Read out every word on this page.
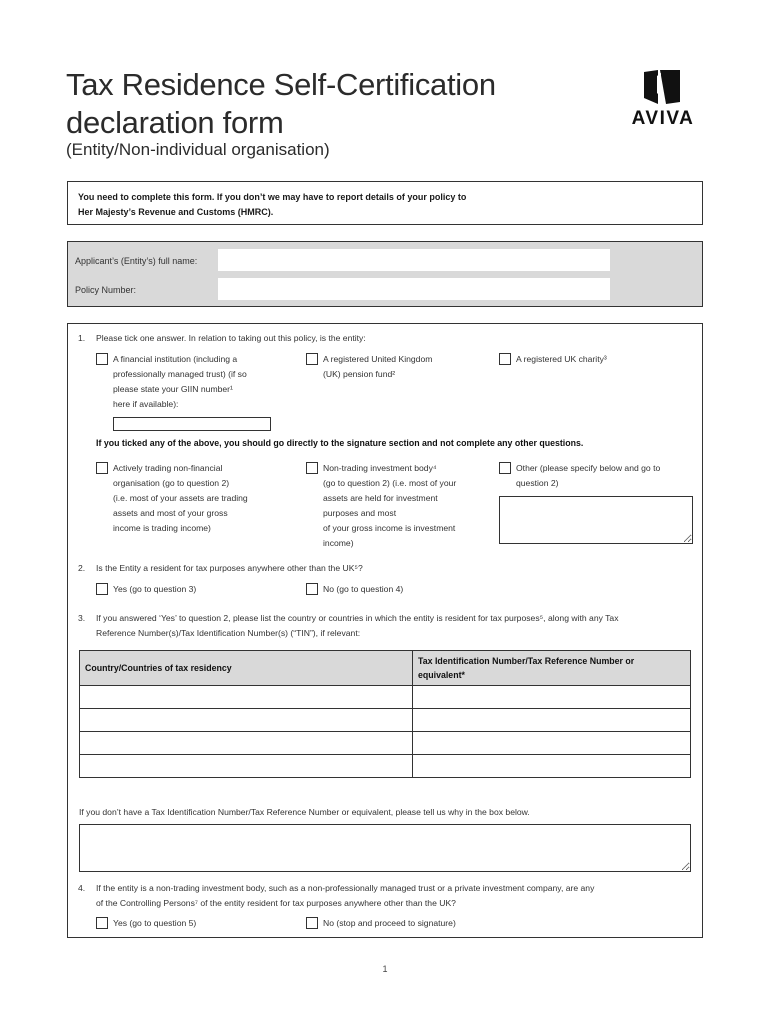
Tax Residence Self-Certification
declaration form
(Entity/Non-individual organisation)
AVIVA
You need to complete this form. If you don’t we may have to report details of your policy to
Her Majesty’s Revenue and Customs (HMRC).
Applicant’s (Entity’s) full name:
Policy Number:
1. Please tick one answer. In relation to taking out this policy, is the entity:
A financial institution (including a
professionally managed trust) (if so
please state your GIIN number¹
here if available):
A registered United Kingdom
(UK) pension fund²
A registered UK charity³
If you ticked any of the above, you should go directly to the signature section and not complete any other questions.
Actively trading non-financial
organisation (go to question 2)
(i.e. most of your assets are trading
assets and most of your gross
income is trading income)
Non-trading investment body⁴
(go to question 2) (i.e. most of your
assets are held for investment
purposes and most
of your gross income is investment
income)
Other (please specify below and go to
question 2)
2. Is the Entity a resident for tax purposes anywhere other than the UK⁵?
Yes (go to question 3)	No (go to question 4)
3. If you answered ‘Yes’ to question 2, please list the country or countries in which the entity is resident for tax purposes⁵, along with any Tax
Reference Number(s)/Tax Identification Number(s) (“TIN”), if relevant:
Country/Countries of tax residency	Tax Identification Number/Tax Reference Number or
equivalent*

If you don’t have a Tax Identification Number/Tax Reference Number or equivalent, please tell us why in the box below.
4. If the entity is a non-trading investment body, such as a non-professionally managed trust or a private investment company, are any
of the Controlling Persons⁷ of the entity resident for tax purposes anywhere other than the UK?
Yes (go to question 5)	No (stop and proceed to signature)
1
